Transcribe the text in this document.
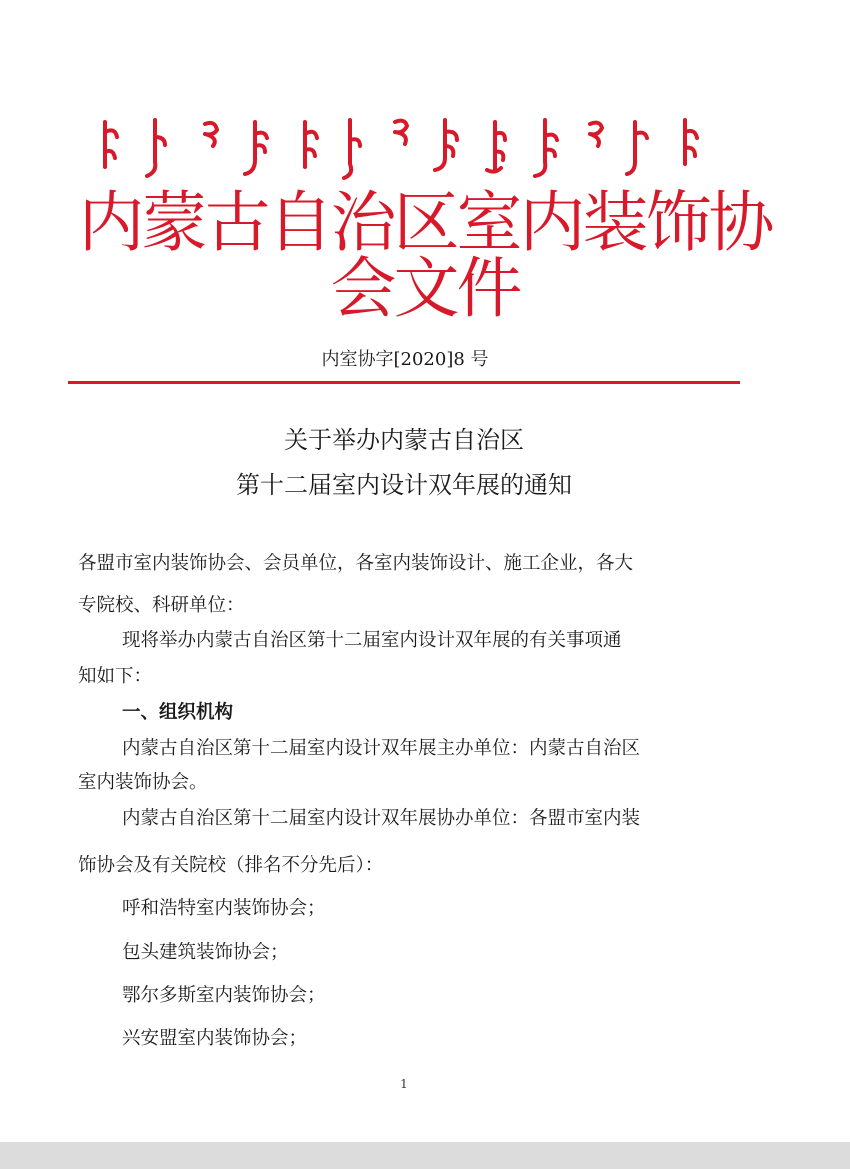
内蒙古自治区室内装饰协会文件
内室协字[2020]8 号
关于举办内蒙古自治区
第十二届室内设计双年展的通知
各盟市室内装饰协会、会员单位，各室内装饰设计、施工企业，各大
专院校、科研单位：
现将举办内蒙古自治区第十二届室内设计双年展的有关事项通
知如下：
一、组织机构
内蒙古自治区第十二届室内设计双年展主办单位：内蒙古自治区
室内装饰协会。
内蒙古自治区第十二届室内设计双年展协办单位：各盟市室内装
饰协会及有关院校（排名不分先后）：
呼和浩特室内装饰协会；
包头建筑装饰协会；
鄂尔多斯室内装饰协会；
兴安盟室内装饰协会；
1
